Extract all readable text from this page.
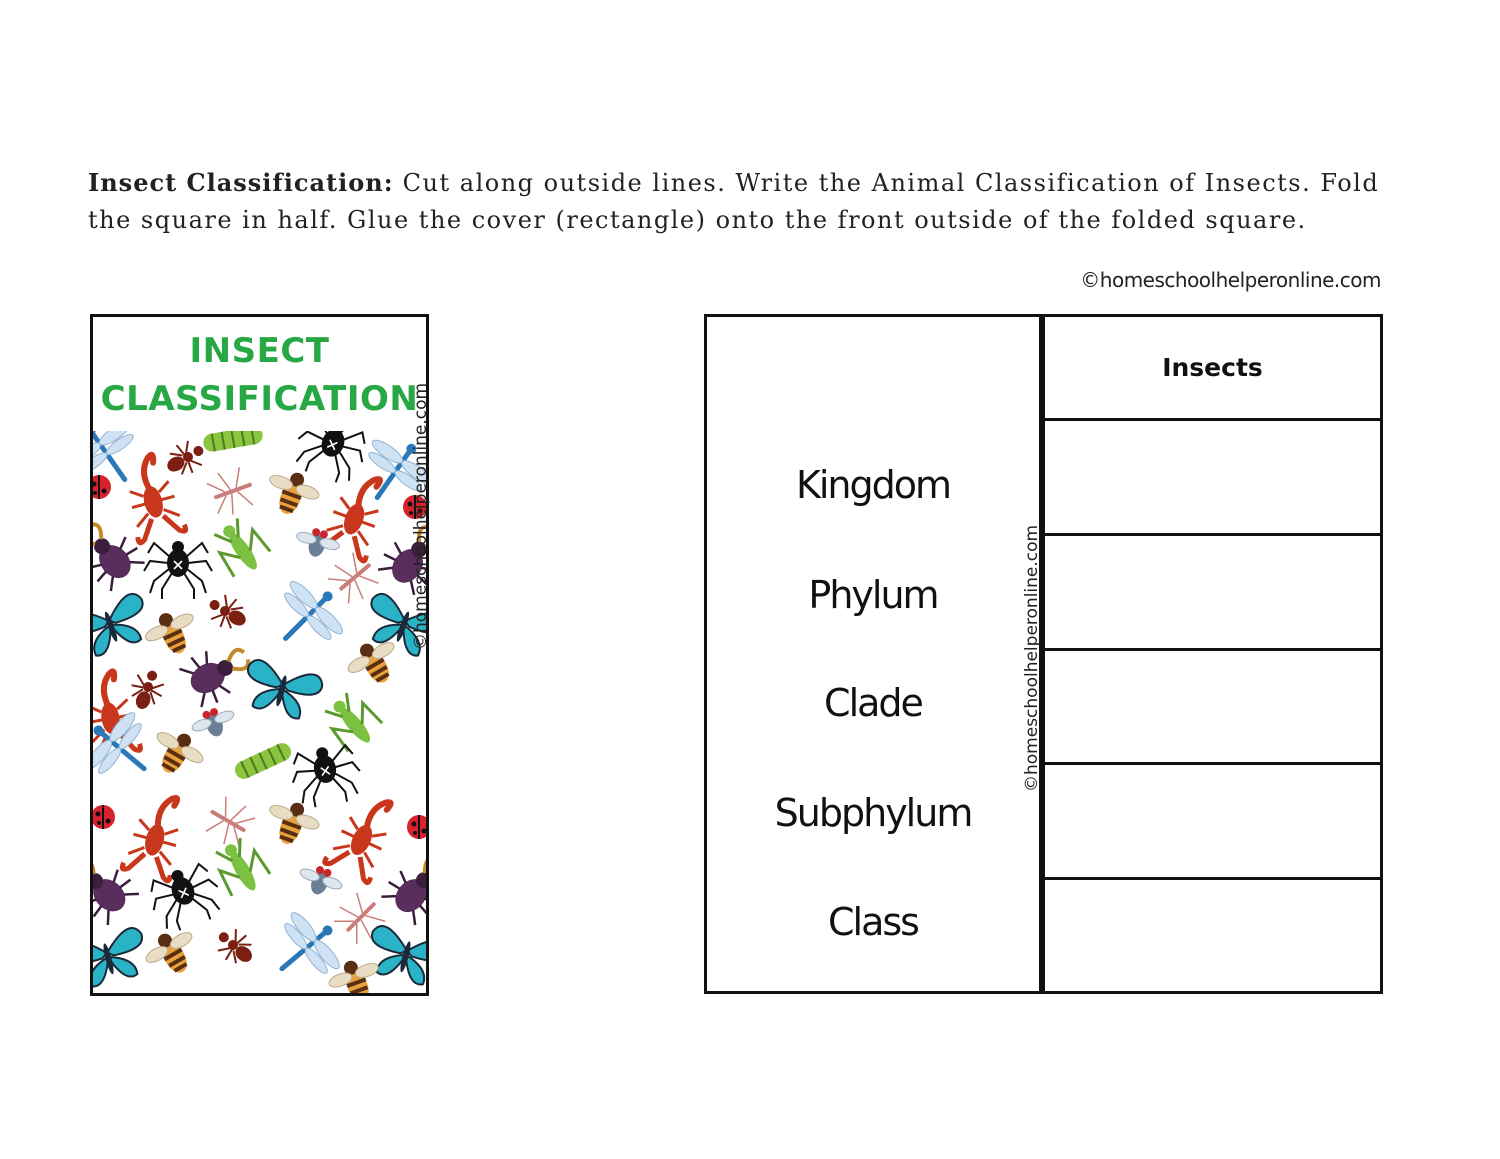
Insect Classification: Cut along outside lines. Write the Animal Classification of Insects. Fold the square in half. Glue the cover (rectangle) onto the front outside of the folded square.
©homeschoolhelperonline.com
INSECT
CLASSIFICATION
©homeschoolhelperonline.com	Kingdom
Phylum
Clade
Subphylum
Class
©homeschoolhelperonline.com
Insects
